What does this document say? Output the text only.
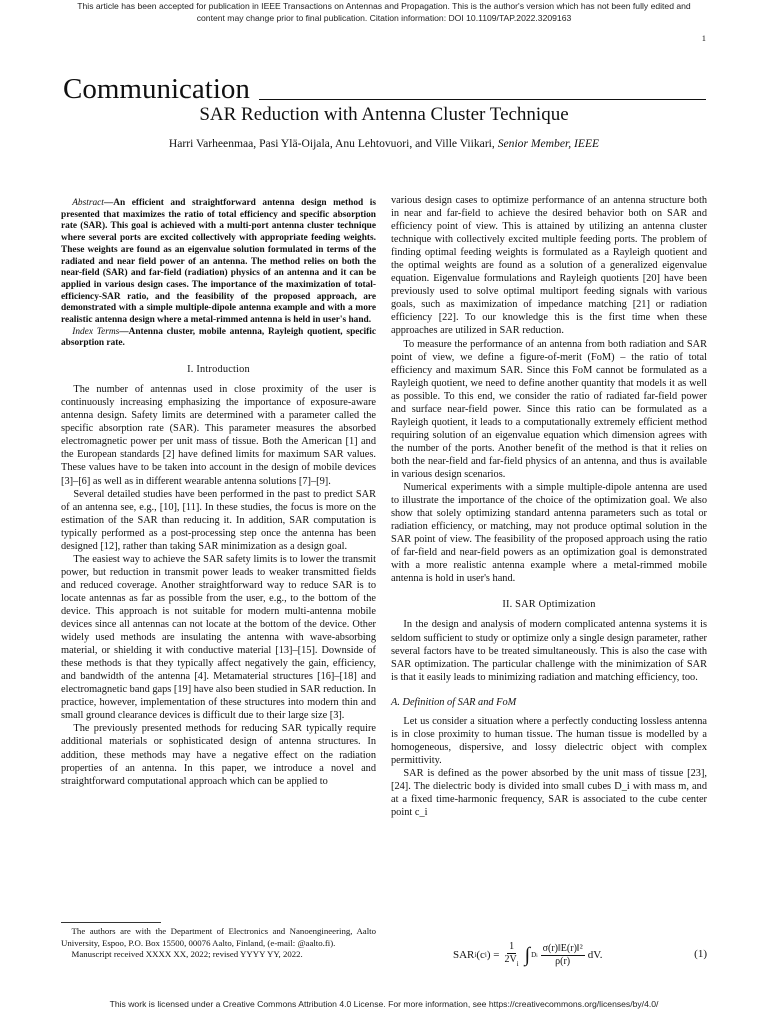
This article has been accepted for publication in IEEE Transactions on Antennas and Propagation. This is the author's version which has not been fully edited and
content may change prior to final publication. Citation information: DOI 10.1109/TAP.2022.3209163
1
Communication
SAR Reduction with Antenna Cluster Technique
Harri Varheenmaa, Pasi Ylä-Oijala, Anu Lehtovuori, and Ville Viikari, Senior Member, IEEE

Abstract—An efficient and straightforward antenna design method is presented that maximizes the ratio of total efficiency and specific absorption rate (SAR). This goal is achieved with a multi-port antenna cluster technique where several ports are excited collectively with appropriate feeding weights. These weights are found as an eigenvalue solution formulated in terms of the radiated and near field power of an antenna. The method relies on both the near-field (SAR) and far-field (radiation) physics of an antenna and it can be applied in various design cases. The importance of the maximization of total-efficiency-SAR ratio, and the feasibility of the proposed approach, are demonstrated with a simple multiple-dipole antenna example and with a more realistic antenna design where a metal-rimmed antenna is held in user's hand.

Index Terms—Antenna cluster, mobile antenna, Rayleigh quotient, specific absorption rate.

I. Introduction

The number of antennas used in close proximity of the user is continuously increasing emphasizing the importance of exposure-aware antenna design. Safety limits are determined with a parameter called the specific absorption rate (SAR). This parameter measures the absorbed electromagnetic power per unit mass of tissue. Both the American [1] and the European standards [2] have defined limits for maximum SAR values. These values have to be taken into account in the design of mobile devices [3]–[6] as well as in different wearable antenna solutions [7]–[9].

Several detailed studies have been performed in the past to predict SAR of an antenna see, e.g., [10], [11]. In these studies, the focus is more on the estimation of the SAR than reducing it. In addition, SAR computation is typically performed as a post-processing step once the antenna has been designed [12], rather than taking SAR minimization as a design goal.

The easiest way to achieve the SAR safety limits is to lower the transmit power, but reduction in transmit power leads to weaker transmitted fields and reduced coverage. Another straightforward way to reduce SAR is to locate antennas as far as possible from the user, e.g., to the bottom of the device. This approach is not suitable for modern multi-antenna mobile devices since all antennas can not locate at the bottom of the device. Other widely used methods are insulating the antenna with wave-absorbing material, or shielding it with conductive material [13]–[15]. Downside of these methods is that they typically affect negatively the gain, efficiency, and bandwidth of the antenna [4]. Metamaterial structures [16]–[18] and electromagnetic band gaps [19] have also been studied in SAR reduction. In practice, however, implementation of these structures into modern thin and small ground clearance devices is difficult due to their large size [3].

The previously presented methods for reducing SAR typically require additional materials or sophisticated design of antenna structures. In addition, these methods may have a negative effect on the radiation properties of an antenna. In this paper, we introduce a novel and straightforward computational approach which can be applied to

The authors are with the Department of Electronics and Nanoengineering, Aalto University, Espoo, P.O. Box 15500, 00076 Aalto, Finland, (e-mail: @aalto.fi).

Manuscript received XXXX XX, 2022; revised YYYY YY, 2022.

various design cases to optimize performance of an antenna structure both in near and far-field to achieve the desired behavior both on SAR and efficiency point of view. This is attained by utilizing an antenna cluster technique with collectively excited multiple feeding ports. The problem of finding optimal feeding weights is formulated as a Rayleigh quotient and the optimal weights are found as a solution of a generalized eigenvalue equation. Eigenvalue formulations and Rayleigh quotients [20] have been previously used to solve optimal multiport feeding signals with various goals, such as maximization of impedance matching [21] or radiation efficiency [22]. To our knowledge this is the first time when these approaches are utilized in SAR reduction.

To measure the performance of an antenna from both radiation and SAR point of view, we define a figure-of-merit (FoM) – the ratio of total efficiency and maximum SAR. Since this FoM cannot be formulated as a Rayleigh quotient, we need to define another quantity that models it as well as possible. To this end, we consider the ratio of radiated far-field power and surface near-field power. Since this ratio can be formulated as a Rayleigh quotient, it leads to a computationally extremely efficient method requiring solution of an eigenvalue equation which dimension agrees with the number of the ports. Another benefit of the method is that it relies on both the near-field and far-field physics of an antenna, and thus is available in various design scenarios.

Numerical experiments with a simple multiple-dipole antenna are used to illustrate the importance of the choice of the optimization goal. We also show that solely optimizing standard antenna parameters such as total or radiation efficiency, or matching, may not produce optimal solution in the SAR point of view. The feasibility of the proposed approach using the ratio of far-field and near-field powers as an optimization goal is demonstrated with a more realistic antenna example where a metal-rimmed mobile antenna is hold in user's hand.

II. SAR Optimization

In the design and analysis of modern complicated antenna systems it is seldom sufficient to study or optimize only a single design parameter, rather several factors have to be treated simultaneously. This is also the case with SAR optimization. The particular challenge with the minimization of SAR is that it easily leads to minimizing radiation and matching efficiency, too.

A. Definition of SAR and FoM

Let us consider a situation where a perfectly conducting lossless antenna is in close proximity to human tissue. The human tissue is modelled by a homogeneous, dispersive, and lossy dielectric object with complex permittivity.

SAR is defined as the power absorbed by the unit mass of tissue [23], [24]. The dielectric body is divided into small cubes D_i with mass m, and at a fixed time-harmonic frequency, SAR is associated to the cube center point c_i

SAR i (c i ) = $\frac{1}{2V_i}$ ∫ Di $\frac{\text{σ(r)‖E(r)‖²}}{\rho(r)}$ dV.	(1)
This work is licensed under a Creative Commons Attribution 4.0 License. For more information, see https://creativecommons.org/licenses/by/4.0/
